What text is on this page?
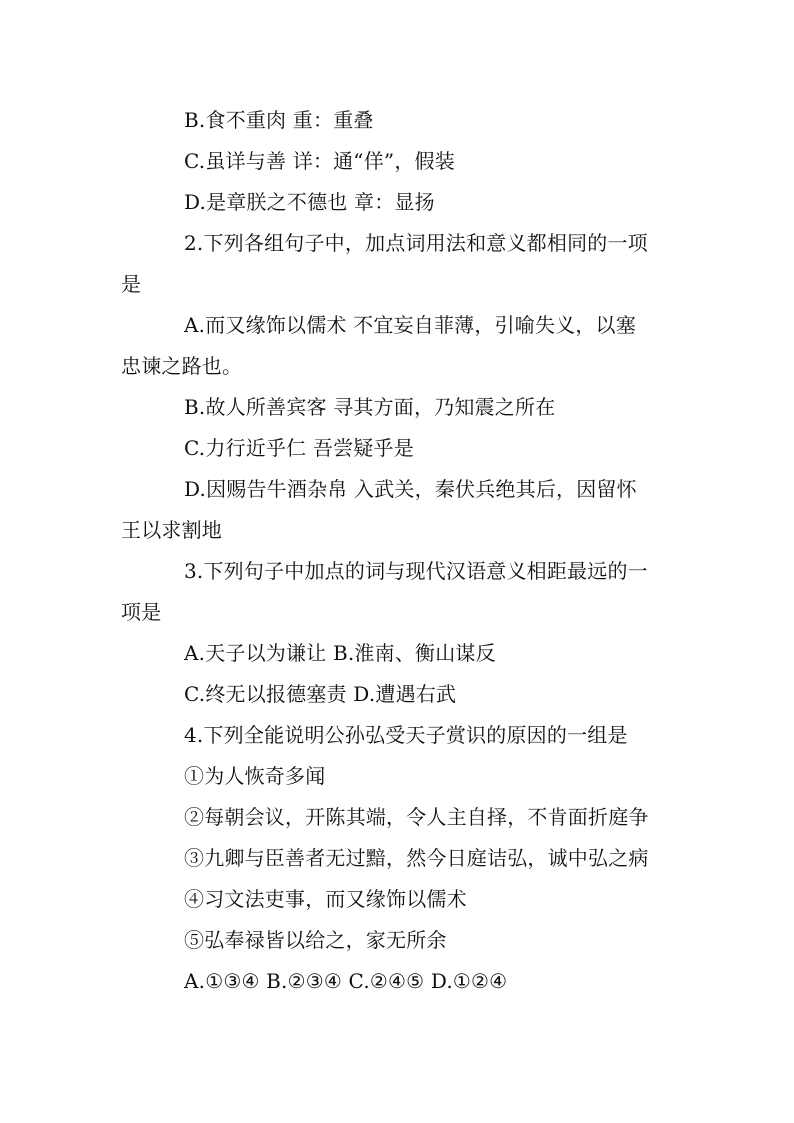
B.食不重肉 重：重叠
C.虽详与善 详：通“佯”，假装
D.是章朕之不德也 章：显扬
2.下列各组句子中，加点词用法和意义都相同的一项
是
A.而又缘饰以儒术 不宜妄自菲薄，引喻失义，以塞
忠谏之路也。
B.故人所善宾客 寻其方面，乃知震之所在
C.力行近乎仁 吾尝疑乎是
D.因赐告牛酒杂帛 入武关，秦伏兵绝其后，因留怀
王以求割地
3.下列句子中加点的词与现代汉语意义相距最远的一
项是
A.天子以为谦让 B.淮南、衡山谋反
C.终无以报德塞责 D.遭遇右武
4.下列全能说明公孙弘受天子赏识的原因的一组是
①为人恢奇多闻
②每朝会议，开陈其端，令人主自择，不肯面折庭争
③九卿与臣善者无过黯，然今日庭诘弘，诚中弘之病
④习文法吏事，而又缘饰以儒术
⑤弘奉禄皆以给之，家无所余
A.①③④ B.②③④ C.②④⑤ D.①②④
